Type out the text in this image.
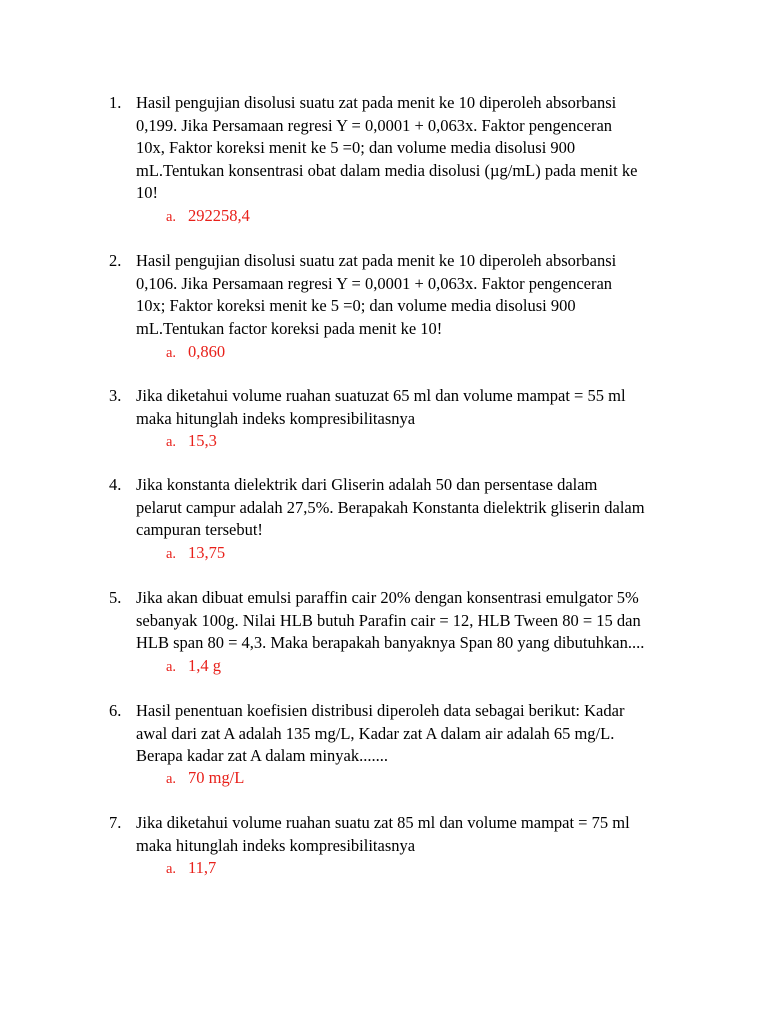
1. Hasil pengujian disolusi suatu zat pada menit ke 10 diperoleh absorbansi
0,199. Jika Persamaan regresi Y = 0,0001 + 0,063x. Faktor pengenceran
10x, Faktor koreksi menit ke 5 =0; dan volume media disolusi 900
mL.Tentukan konsentrasi obat dalam media disolusi (µg/mL) pada menit ke
10!
a. 292258,4
2. Hasil pengujian disolusi suatu zat pada menit ke 10 diperoleh absorbansi
0,106. Jika Persamaan regresi Y = 0,0001 + 0,063x. Faktor pengenceran
10x; Faktor koreksi menit ke 5 =0; dan volume media disolusi 900
mL.Tentukan factor koreksi pada menit ke 10!
a. 0,860
3. Jika diketahui volume ruahan suatuzat 65 ml dan volume mampat = 55 ml
maka hitunglah indeks kompresibilitasnya
a. 15,3
4. Jika konstanta dielektrik dari Gliserin adalah 50 dan persentase dalam
pelarut campur adalah 27,5%. Berapakah Konstanta dielektrik gliserin dalam
campuran tersebut!
a. 13,75
5. Jika akan dibuat emulsi paraffin cair 20% dengan konsentrasi emulgator 5%
sebanyak 100g. Nilai HLB butuh Parafin cair = 12, HLB Tween 80 = 15 dan
HLB span 80 = 4,3. Maka berapakah banyaknya Span 80 yang dibutuhkan....
a. 1,4 g
6. Hasil penentuan koefisien distribusi diperoleh data sebagai berikut: Kadar
awal dari zat A adalah 135 mg/L, Kadar zat A dalam air adalah 65 mg/L.
Berapa kadar zat A dalam minyak.......
a. 70 mg/L
7. Jika diketahui volume ruahan suatu zat 85 ml dan volume mampat = 75 ml
maka hitunglah indeks kompresibilitasnya
a. 11,7
